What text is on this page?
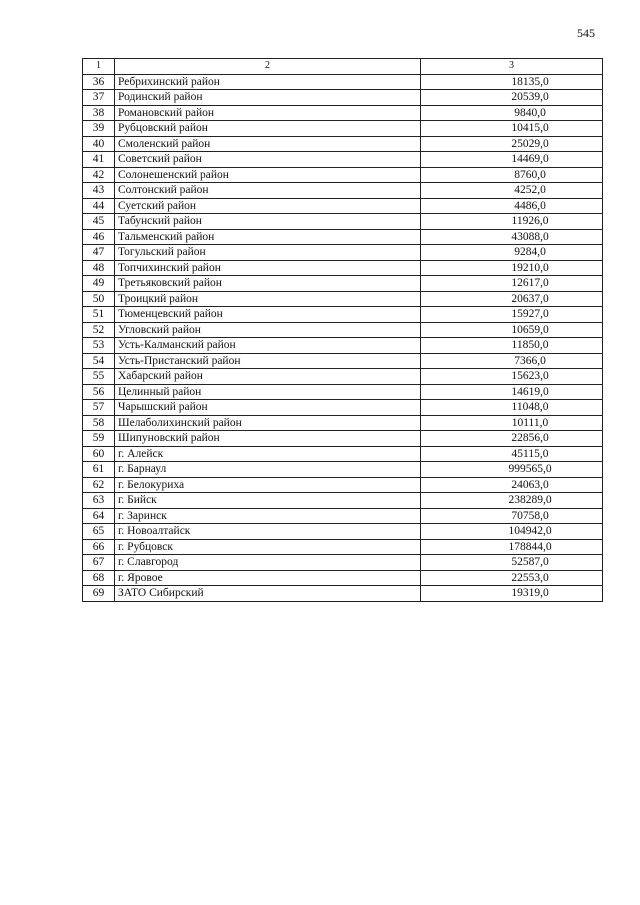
545
1	2	3
36	Ребрихинский район	18135,0
37	Родинский район	20539,0
38	Романовский район	9840,0
39	Рубцовский район	10415,0
40	Смоленский район	25029,0
41	Советский район	14469,0
42	Солонешенский район	8760,0
43	Солтонский район	4252,0
44	Суетский район	4486,0
45	Табунский район	11926,0
46	Тальменский район	43088,0
47	Тогульский район	9284,0
48	Топчихинский район	19210,0
49	Третьяковский район	12617,0
50	Троицкий район	20637,0
51	Тюменцевский район	15927,0
52	Угловский район	10659,0
53	Усть-Калманский район	11850,0
54	Усть-Пристанский район	7366,0
55	Хабарский район	15623,0
56	Целинный район	14619,0
57	Чарышский район	11048,0
58	Шелаболихинский район	10111,0
59	Шипуновский район	22856,0
60	г. Алейск	45115,0
61	г. Барнаул	999565,0
62	г. Белокуриха	24063,0
63	г. Бийск	238289,0
64	г. Заринск	70758,0
65	г. Новоалтайск	104942,0
66	г. Рубцовск	178844,0
67	г. Славгород	52587,0
68	г. Яровое	22553,0
69	ЗАТО Сибирский	19319,0
